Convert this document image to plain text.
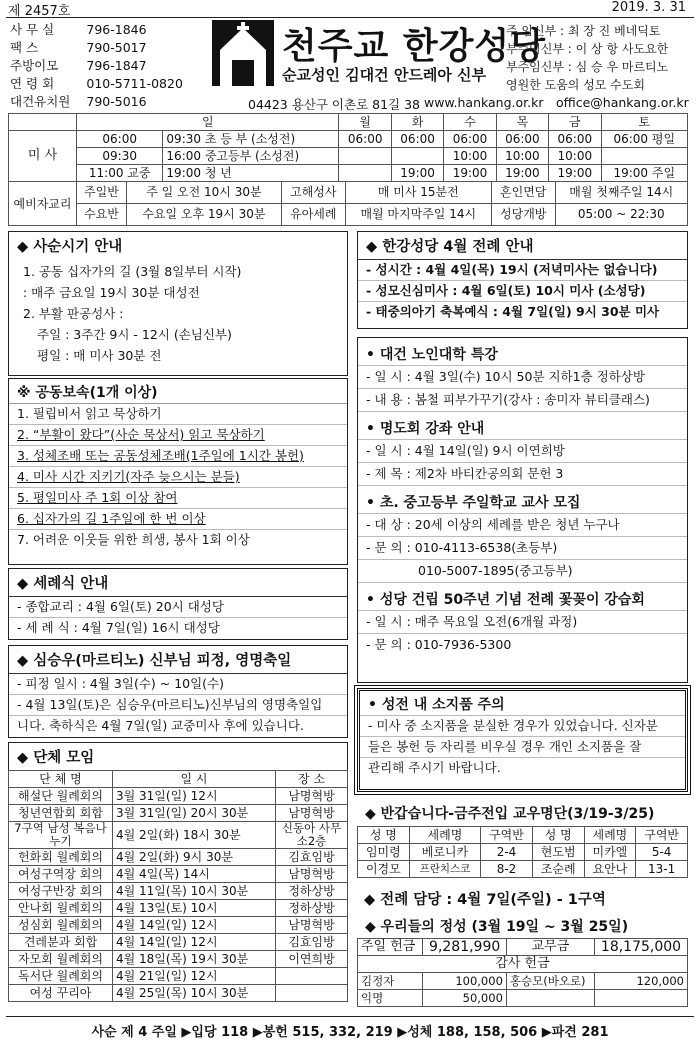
제 2457호	2019. 3. 31
사 무 실	796-1846
팩 스	790-5017
주방이모	796-1847
연 령 회	010-5711-0820
대건유치원	790-5016
천주교 한강성당
순교성인 김대건 안드레아 신부
주 임신부 : 최 장 진 베네딕토
부주임신부 : 이 상 항 사도요한
부주임신부 : 심 승 우 마르티노
영원한 도움의 성모 수도회
04423 용산구 이촌로 81길 38 www.hankang.or.kr office@hankang.or.kr
	일		월	화	수	목	금	토
미 사	06:00	09:30 초 등 부 (소성전)	06:00	06:00	06:00	06:00	06:00	06:00 평일
	09:30	16:00 중고등부 (소성전)			10:00	10:00	10:00	
	11:00 교중	19:00 청 년		19:00	19:00	19:00	19:00	19:00 주일
예비자교리	주일반	주 일 오전 10시 30분	고해성사	매 미사 15분전	혼인면담	매월 첫째주일 14시
	수요반	수요일 오후 19시 30분	유아세례	매월 마지막주일 14시	성당개방	05:00 ~ 22:30
◆ 사순시기 안내
1. 공동 십자가의 길 (3월 8일부터 시작)
: 매주 금요일 19시 30분 대성전
2. 부활 판공성사 :
주일 : 3주간 9시 - 12시 (손님신부)
평일 : 매 미사 30분 전
※ 공동보속(1개 이상)
1. 필립비서 읽고 묵상하기
2. “부활이 왔다”(사순 묵상서) 읽고 묵상하기
3. 성체조배 또는 공동성체조배(1주일에 1시간 봉헌)
4. 미사 시간 지키기(자주 늦으시는 분들)
5. 평일미사 주 1회 이상 참여
6. 십자가의 길 1주일에 한 번 이상
7. 어려운 이웃들 위한 희생, 봉사 1회 이상
◆ 세례식 안내
- 종합교리 : 4월 6일(토) 20시 대성당
- 세 례 식 : 4월 7일(일) 16시 대성당
◆ 심승우(마르티노) 신부님 피정, 영명축일
- 피정 일시 : 4월 3일(수) ~ 10일(수)
- 4월 13일(토)은 심승우(마르티노)신부님의 영명축일입
니다. 축하식은 4월 7일(일) 교중미사 후에 있습니다.
◆ 단체 모임
단 체 명	일 시	장 소
해설단 월례회의	3월 31일(일) 12시	남명혁방
청년연합회 회합	3월 31일(일) 20시 30분	남명혁방
7구역 남성 복음나누기	4월 2일(화) 18시 30분	신동아 사무소2층
헌화회 월례회의	4월 2일(화) 9시 30분	김효임방
여성구역장 회의	4월 4일(목) 14시	남명혁방
여성구반장 회의	4월 11일(목) 10시 30분	정하상방
안나회 월례회의	4월 13일(토) 10시	정하상방
성심회 월례회의	4월 14일(일) 12시	남명혁방
견레분과 회합	4월 14일(일) 12시	김효임방
자모회 월례회의	4월 18일(목) 19시 30분	이연희방
독서단 월례회의	4월 21일(일) 12시	
여성 꾸리아	4월 25일(목) 10시 30분	
◆ 한강성당 4월 전례 안내
- 성시간 : 4월 4일(목) 19시 (저녁미사는 없습니다)
- 성모신심미사 : 4월 6일(토) 10시 미사 (소성당)
- 태중의아기 축복예식 : 4월 7일(일) 9시 30분 미사
• 대건 노인대학 특강
- 일 시 : 4월 3일(수) 10시 50분 지하1층 정하상방
- 내 용 : 봄철 피부가꾸기(강사 : 송미자 뷰티클래스)
• 명도회 강좌 안내
- 일 시 : 4월 14일(일) 9시 이연희방
- 제 목 : 제2차 바티칸공의회 문헌 3
• 초. 중고등부 주일학교 교사 모집
- 대 상 : 20세 이상의 세례를 받은 청년 누구나
- 문 의 : 010-4113-6538(초등부)
010-5007-1895(중고등부)
• 성당 건립 50주년 기념 전례 꽃꽂이 강습회
- 일 시 : 매주 목요일 오전(6개월 과정)
- 문 의 : 010-7936-5300
• 성전 내 소지품 주의
- 미사 중 소지품을 분실한 경우가 있었습니다. 신자분
들은 봉헌 등 자리를 비우실 경우 개인 소지품을 잘
관리해 주시기 바랍니다.
◆ 반갑습니다-금주전입 교우명단(3/19-3/25)
성 명	세례명	구역반	성 명	세례명	구역반
임미령	베로니카	2-4	현도범	미카엘	5-4
이경모	프란치스코	8-2	조순례	요안나	13-1
◆ 전례 담당 : 4월 7일(주일) - 1구역
◆ 우리들의 정성 (3월 19일 ~ 3월 25일)
주일 헌금	9,281,990	교무금	18,175,000
감사 헌금			
김정자	100,000	홍승모(바오로)	120,000
익명	50,000		
사순 제 4 주일 ▶입당 118 ▶봉헌 515, 332, 219 ▶성체 188, 158, 506 ▶파견 281
